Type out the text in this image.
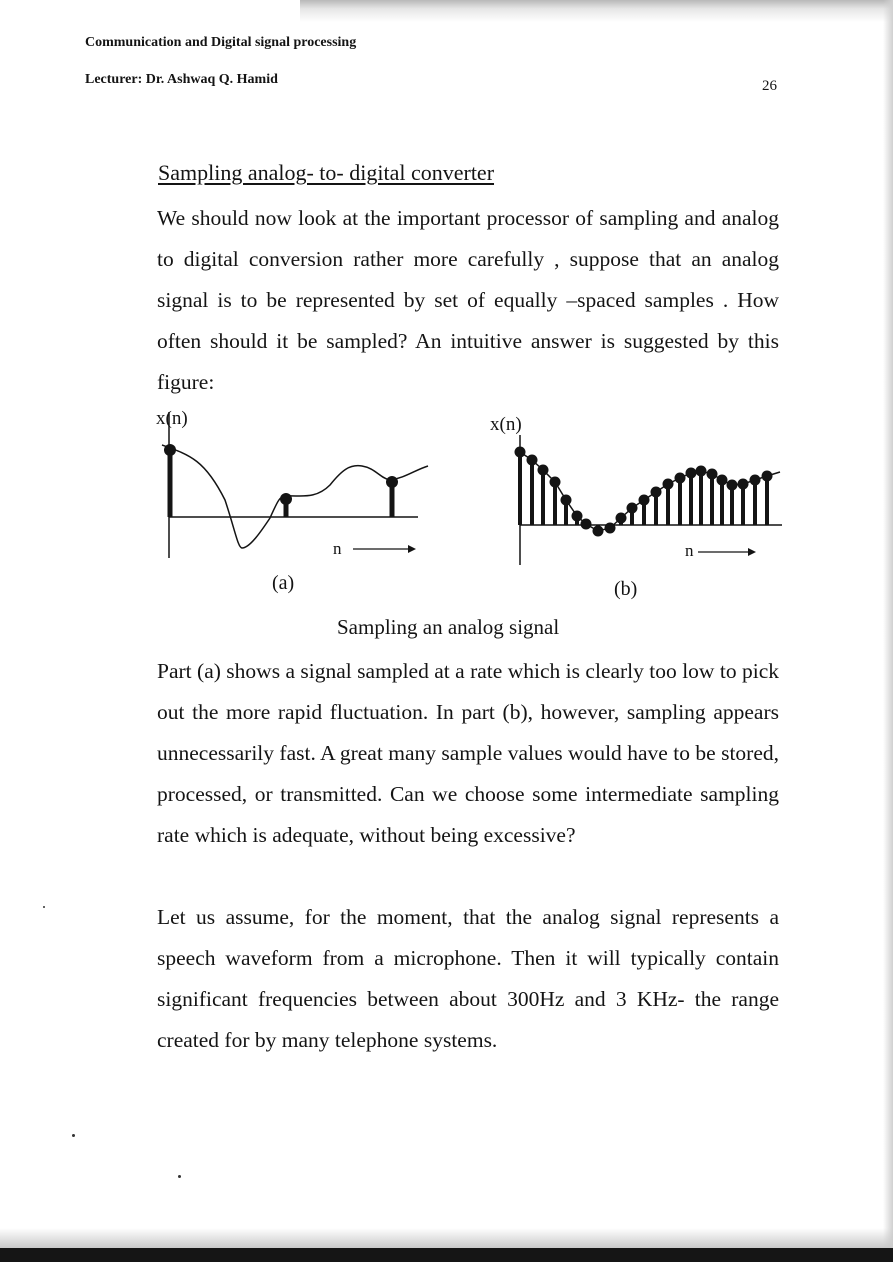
Communication and Digital signal processing
Lecturer: Dr. Ashwaq Q. Hamid	26
Sampling analog- to- digital converter
We should now look at the important processor of sampling and analog to digital conversion rather more carefully , suppose that an analog signal is to be represented by set of equally –spaced samples . How often should it be sampled? An intuitive answer is suggested by this figure:
x(n)
n
(a)
x(n)
n
(b)
Sampling an analog signal
Part (a) shows a signal sampled at a rate which is clearly too low to pick out the more rapid fluctuation. In part (b), however, sampling appears unnecessarily fast. A great many sample values would have to be stored, processed, or transmitted. Can we choose some intermediate sampling rate which is adequate, without being excessive?
Let us assume, for the moment, that the analog signal represents a speech waveform from a microphone. Then it will typically contain significant frequencies between about 300Hz and 3 KHz- the range created for by many telephone systems.
